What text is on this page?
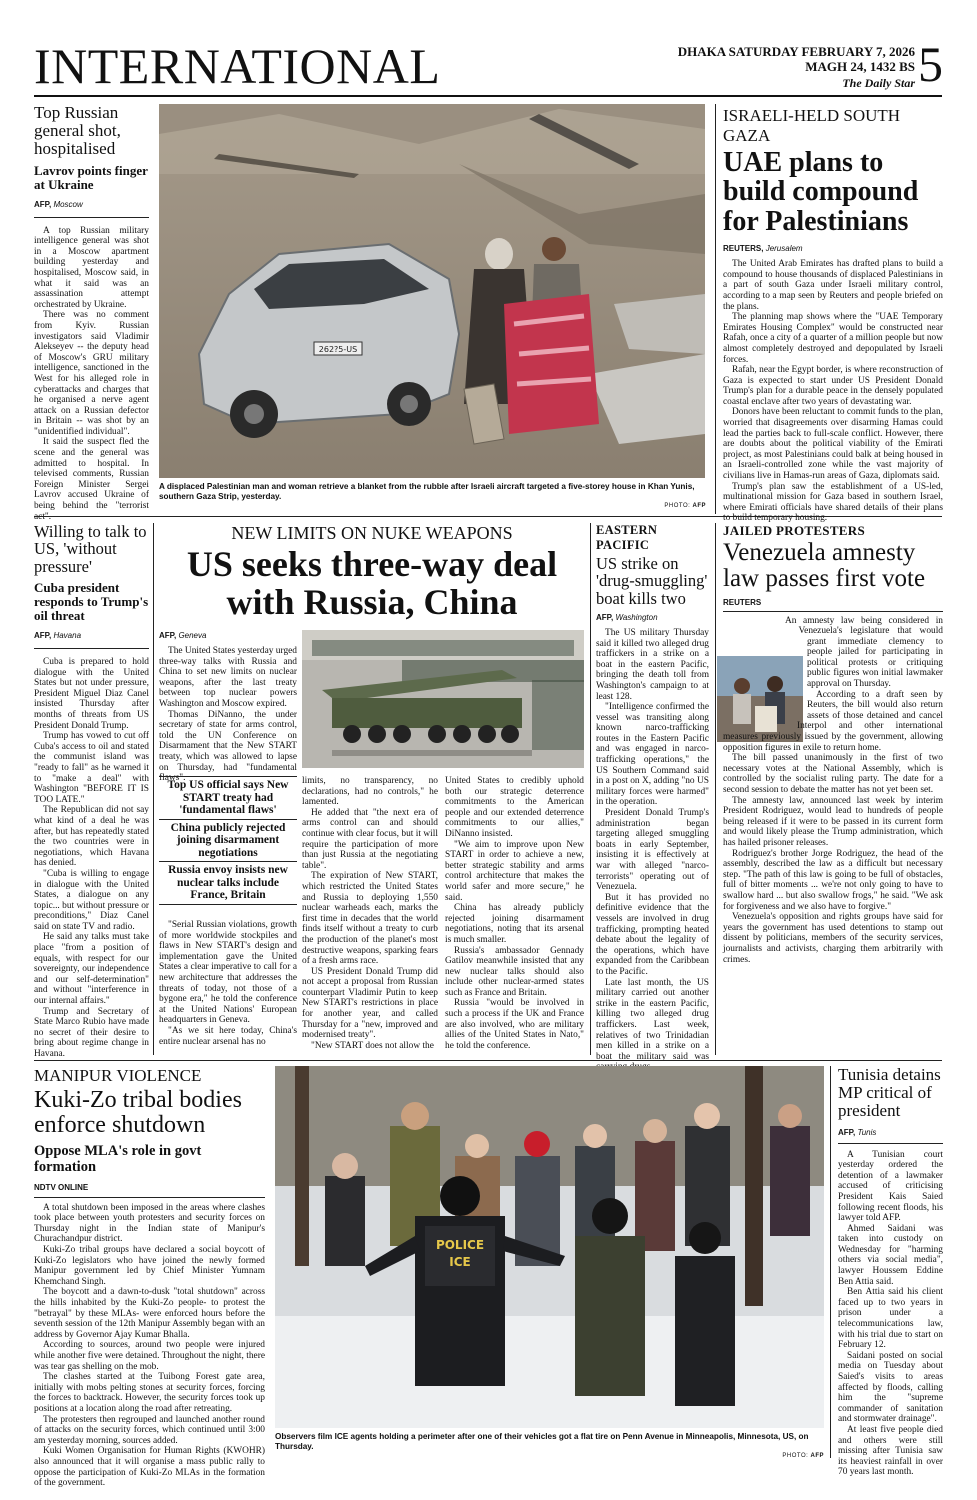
INTERNATIONAL	DHAKA SATURDAY FEBRUARY 7, 2026
MAGH 24, 1432 BS
The Daily Star 5
Top Russian general shot, hospitalised
Lavrov points finger at Ukraine
AFP, Moscow

A top Russian military intelligence general was shot in a Moscow apartment building yesterday and hospitalised, Moscow said, in what it said was an assassination attempt orchestrated by Ukraine.

There was no comment from Kyiv. Russian investigators said Vladimir Alekseyev -- the deputy head of Moscow's GRU military intelligence, sanctioned in the West for his alleged role in cyberattacks and charges that he organised a nerve agent attack on a Russian defector in Britain -- was shot by an "unidentified individual".

It said the suspect fled the scene and the general was admitted to hospital. In televised comments, Russian Foreign Minister Sergei Lavrov accused Ukraine of being behind the "terrorist act".

262?5-US
A displaced Palestinian man and woman retrieve a blanket from the rubble after Israeli aircraft targeted a five-storey house in Khan Yunis, southern Gaza Strip, yesterday.
PHOTO: AFP
ISRAELI-HELD SOUTH GAZA
UAE plans to build compound for Palestinians
REUTERS, Jerusalem

The United Arab Emirates has drafted plans to build a compound to house thousands of displaced Palestinians in a part of south Gaza under Israeli military control, according to a map seen by Reuters and people briefed on the plans.

The planning map shows where the "UAE Temporary Emirates Housing Complex" would be constructed near Rafah, once a city of a quarter of a million people but now almost completely destroyed and depopulated by Israeli forces.

Rafah, near the Egypt border, is where reconstruction of Gaza is expected to start under US President Donald Trump's plan for a durable peace in the densely populated coastal enclave after two years of devastating war.

Donors have been reluctant to commit funds to the plan, worried that disagreements over disarming Hamas could lead the parties back to full-scale conflict. However, there are doubts about the political viability of the Emirati project, as most Palestinians could balk at being housed in an Israeli-controlled zone while the vast majority of civilians live in Hamas-run areas of Gaza, diplomats said.

Trump's plan saw the establishment of a US-led, multinational mission for Gaza based in southern Israel, where Emirati officials have shared details of their plans to build temporary housing.

Willing to talk to US, 'without pressure'
Cuba president responds to Trump's oil threat
AFP, Havana

Cuba is prepared to hold dialogue with the United States but not under pressure, President Miguel Diaz Canel insisted Thursday after months of threats from US President Donald Trump.

Trump has vowed to cut off Cuba's access to oil and stated the communist island was "ready to fall" as he warned it to "make a deal" with Washington "BEFORE IT IS TOO LATE."

The Republican did not say what kind of a deal he was after, but has repeatedly stated the two countries were in negotiations, which Havana has denied.

"Cuba is willing to engage in dialogue with the United States, a dialogue on any topic... but without pressure or preconditions," Diaz Canel said on state TV and radio.

He said any talks must take place "from a position of equals, with respect for our sovereignty, our independence and our self-determination" and without "interference in our internal affairs."

Trump and Secretary of State Marco Rubio have made no secret of their desire to bring about regime change in Havana.

NEW LIMITS ON NUKE WEAPONS
US seeks three-way deal with Russia, China
AFP, Geneva

The United States yesterday urged three-way talks with Russia and China to set new limits on nuclear weapons, after the last treaty between top nuclear powers Washington and Moscow expired.

Thomas DiNanno, the under secretary of state for arms control, told the UN Conference on Disarmament that the New START treaty, which was allowed to lapse on Thursday, had "fundamental flaws".

Top US official says New START treaty had 'fundamental flaws'
China publicly rejected joining disarmament negotiations
Russia envoy insists new nuclear talks include France, Britain

"Serial Russian violations, growth of more worldwide stockpiles and flaws in New START's design and implementation gave the United States a clear imperative to call for a new architecture that addresses the threats of today, not those of a bygone era," he told the conference at the United Nations' European headquarters in Geneva.

"As we sit here today, China's entire nuclear arsenal has no

limits, no transparency, no declarations, had no controls," he lamented.

He added that "the next era of arms control can and should continue with clear focus, but it will require the participation of more than just Russia at the negotiating table".

The expiration of New START, which restricted the United States and Russia to deploying 1,550 nuclear warheads each, marks the first time in decades that the world finds itself without a treaty to curb the production of the planet's most destructive weapons, sparking fears of a fresh arms race.

US President Donald Trump did not accept a proposal from Russian counterpart Vladimir Putin to keep New START's restrictions in place for another year, and called Thursday for a "new, improved and modernised treaty".

"New START does not allow the

United States to credibly uphold both our strategic deterrence commitments to the American people and our extended deterrence commitments to our allies," DiNanno insisted.

"We aim to improve upon New START in order to achieve a new, better strategic stability and arms control architecture that makes the world safer and more secure," he said.

China has already publicly rejected joining disarmament negotiations, noting that its arsenal is much smaller.

Russia's ambassador Gennady Gatilov meanwhile insisted that any new nuclear talks should also include other nuclear-armed states such as France and Britain.

Russia "would be involved in such a process if the UK and France are also involved, who are military allies of the United States in Nato," he told the conference.

EASTERN PACIFIC
US strike on 'drug-smuggling' boat kills two
AFP, Washington

The US military Thursday said it killed two alleged drug traffickers in a strike on a boat in the eastern Pacific, bringing the death toll from Washington's campaign to at least 128.

"Intelligence confirmed the vessel was transiting along known narco-trafficking routes in the Eastern Pacific and was engaged in narco-trafficking operations," the US Southern Command said in a post on X, adding "no US military forces were harmed" in the operation.

President Donald Trump's administration began targeting alleged smuggling boats in early September, insisting it is effectively at war with alleged "narco-terrorists" operating out of Venezuela.

But it has provided no definitive evidence that the vessels are involved in drug trafficking, prompting heated debate about the legality of the operations, which have expanded from the Caribbean to the Pacific.

Late last month, the US military carried out another strike in the eastern Pacific, killing two alleged drug traffickers. Last week, relatives of two Trinidadian men killed in a strike on a boat the military said was

JAILED PROTESTERS
Venezuela amnesty law passes first vote
REUTERS

An amnesty law being considered in Venezuela's legislature that would grant immediate clemency to people jailed for participating in political protests or critiquing public figures won initial lawmaker approval on Thursday.

According to a draft seen by Reuters, the bill would also return assets of those detained and cancel Interpol and other international measures previously issued by the government, allowing opposition figures in exile to return home.

The bill passed unanimously in the first of two necessary votes at the National Assembly, which is controlled by the socialist ruling party. The date for a second session to debate the matter has not yet been set.

The amnesty law, announced last week by interim President Rodriguez, would lead to hundreds of people being released if it were to be passed in its current form and would likely please the Trump administration, which has hailed prisoner releases.

Rodriguez's brother Jorge Rodriguez, the head of the assembly, described the law as a difficult but necessary step. "The path of this law is going to be full of obstacles, full of bitter moments ... we're not only going to have to swallow hard ... but also swallow frogs," he said. "We ask for forgiveness and we also have to forgive."

Venezuela's opposition and rights groups have said for years the government has used detentions to stamp out dissent by politicians, members of the security services, journalists and activists, charging them arbitrarily with crimes.

MANIPUR VIOLENCE
Kuki-Zo tribal bodies enforce shutdown
Oppose MLA's role in govt formation
NDTV ONLINE

A total shutdown been imposed in the areas where clashes took place between youth protesters and security forces on Thursday night in the Indian state of Manipur's Churachandpur district.

Kuki-Zo tribal groups have declared a social boycott of Kuki-Zo legislators who have joined the newly formed Manipur government led by Chief Minister Yumnam Khemchand Singh.

The boycott and a dawn-to-dusk "total shutdown" across the hills inhabited by the Kuki-Zo people- to protest the "betrayal" by these MLAs- were enforced hours before the seventh session of the 12th Manipur Assembly began with an address by Governor Ajay Kumar Bhalla.

According to sources, around two people were injured while another five were detained. Throughout the night, there was tear gas shelling on the mob.

The clashes started at the Tuibong Forest gate area, initially with mobs pelting stones at security forces, forcing the forces to backtrack. However, the security forces took up positions at a location along the road after retreating.

The protesters then regrouped and launched another round of attacks on the security forces, which continued until 3:00 am yesterday morning, sources added.

Kuki Women Organisation for Human Rights (KWOHR) also announced that it will organise a mass public rally to oppose the participation of Kuki-Zo MLAs in the formation of the government.

POLICE
ICE
Observers film ICE agents holding a perimeter after one of their vehicles got a flat tire on Penn Avenue in Minneapolis, Minnesota, US, on Thursday.
PHOTO: AFP
Tunisia detains MP critical of president
AFP, Tunis

A Tunisian court yesterday ordered the detention of a lawmaker accused of criticising President Kais Saied following recent floods, his lawyer told AFP.

Ahmed Saidani was taken into custody on Wednesday for "harming others via social media", lawyer Houssem Eddine Ben Attia said.

Ben Attia said his client faced up to two years in prison under a telecommunications law, with his trial due to start on February 12.

Saidani posted on social media on Tuesday about Saied's visits to areas affected by floods, calling him the "supreme commander of sanitation and stormwater drainage".

At least five people died and others were still missing after Tunisia saw its heaviest rainfall in over 70 years last month.
